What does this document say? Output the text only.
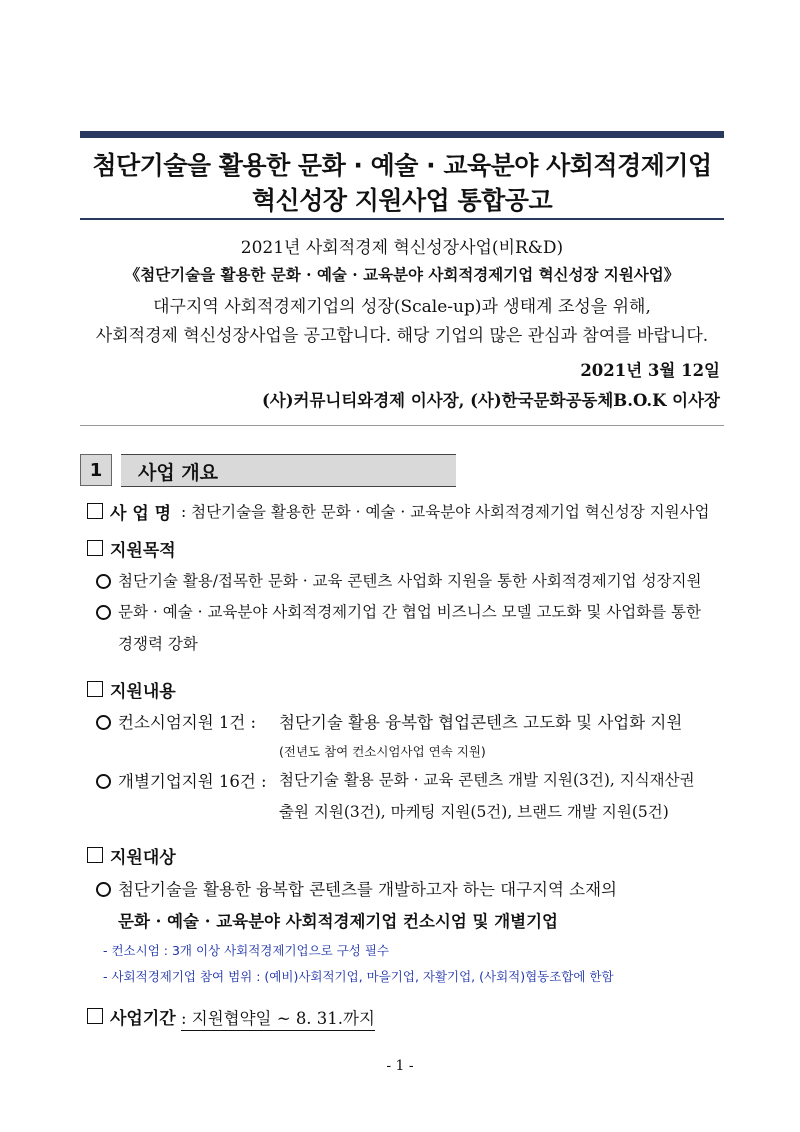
첨단기술을 활용한 문화 · 예술 · 교육분야 사회적경제기업
혁신성장 지원사업 통합공고
2021년 사회적경제 혁신성장사업(비R&D)
《첨단기술을 활용한 문화 · 예술 · 교육분야 사회적경제기업 혁신성장 지원사업》
대구지역 사회적경제기업의 성장(Scale-up)과 생태계 조성을 위해,
사회적경제 혁신성장사업을 공고합니다. 해당 기업의 많은 관심과 참여를 바랍니다.
2021년 3월 12일
(사)커뮤니티와경제 이사장, (사)한국문화공동체B.O.K 이사장
1	사업 개요
사 업 명 : 첨단기술을 활용한 문화 · 예술 · 교육분야 사회적경제기업 혁신성장 지원사업
지원목적
첨단기술 활용/접목한 문화 · 교육 콘텐츠 사업화 지원을 통한 사회적경제기업 성장지원
문화 · 예술 · 교육분야 사회적경제기업 간 협업 비즈니스 모델 고도화 및 사업화를 통한
경쟁력 강화
지원내용
컨소시엄지원 1건 : 첨단기술 활용 융복합 협업콘텐츠 고도화 및 사업화 지원
(전년도 참여 컨소시엄사업 연속 지원)
개별기업지원 16건 : 첨단기술 활용 문화 · 교육 콘텐츠 개발 지원(3건), 지식재산권
출원 지원(3건), 마케팅 지원(5건), 브랜드 개발 지원(5건)
지원대상
첨단기술을 활용한 융복합 콘텐츠를 개발하고자 하는 대구지역 소재의
문화 · 예술 · 교육분야 사회적경제기업 컨소시엄 및 개별기업
- 컨소시엄 : 3개 이상 사회적경제기업으로 구성 필수
- 사회적경제기업 참여 범위 : (예비)사회적기업, 마을기업, 자활기업, (사회적)협동조합에 한함
사업기간 : 지원협약일 ~ 8. 31.까지
- 1 -
